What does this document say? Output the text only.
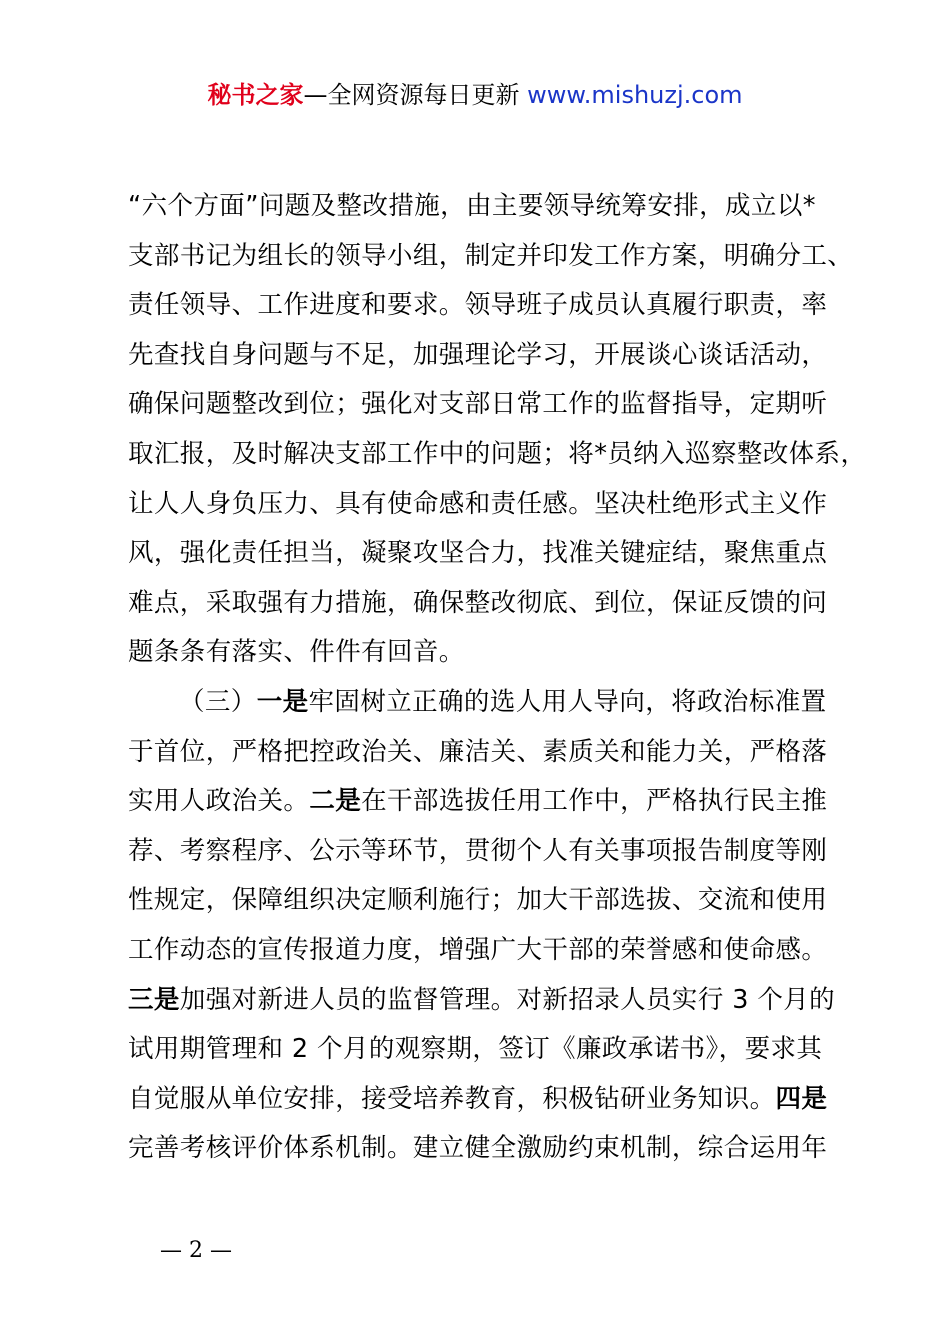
秘书之家—全网资源每日更新 www.mishuzj.com
“六个方面”问题及整改措施，由主要领导统筹安排，成立以*
支部书记为组长的领导小组，制定并印发工作方案，明确分工、
责任领导、工作进度和要求。领导班子成员认真履行职责，率
先查找自身问题与不足，加强理论学习，开展谈心谈话活动，
确保问题整改到位；强化对支部日常工作的监督指导，定期听
取汇报，及时解决支部工作中的问题；将*员纳入巡察整改体系，
让人人身负压力、具有使命感和责任感。坚决杜绝形式主义作
风，强化责任担当，凝聚攻坚合力，找准关键症结，聚焦重点
难点，采取强有力措施，确保整改彻底、到位，保证反馈的问
题条条有落实、件件有回音。
（三）一是牢固树立正确的选人用人导向，将政治标准置
于首位，严格把控政治关、廉洁关、素质关和能力关，严格落
实用人政治关。二是在干部选拔任用工作中，严格执行民主推
荐、考察程序、公示等环节，贯彻个人有关事项报告制度等刚
性规定，保障组织决定顺利施行；加大干部选拔、交流和使用
工作动态的宣传报道力度，增强广大干部的荣誉感和使命感。
三是加强对新进人员的监督管理。对新招录人员实行 3 个月的
试用期管理和 2 个月的观察期，签订《廉政承诺书》，要求其
自觉服从单位安排，接受培养教育，积极钻研业务知识。四是
完善考核评价体系机制。建立健全激励约束机制，综合运用年
— 2 —
